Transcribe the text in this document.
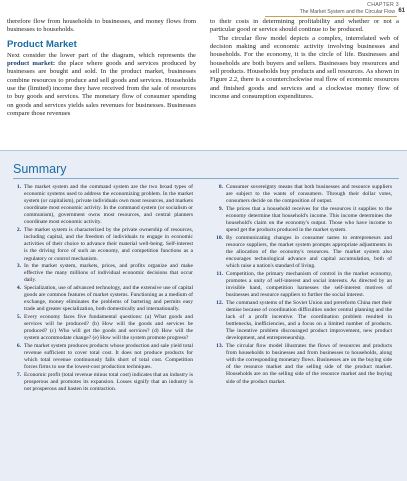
CHAPTER 3
The Market System and the Circular Flow 61

therefore flow from households to businesses, and money flows from businesses to households.

Product Market

Next consider the lower part of the diagram, which represents the product market: the place where goods and services produced by businesses are bought and sold. In the product market, businesses combine resources to produce and sell goods and services. Households use the (limited) income they have received from the sale of resources to buy goods and services. The monetary flow of consumer spending on goods and services yields sales revenues for businesses. Businesses compare those revenues

to their costs in determining profitability and whether or not a particular good or service should continue to be produced.

The circular flow model depicts a complex, interrelated web of decision making and economic activity involving businesses and households. For the economy, it is the circle of life. Businesses and households are both buyers and sellers. Businesses buy resources and sell products. Households buy products and sell resources. As shown in Figure 2.2, there is a counterclockwise real flow of economic resources and finished goods and services and a clockwise money flow of income and consumption expenditures.

Summary
1. The market system and the command system are the two broad types of economic systems used to address the economizing problem. In the market system (or capitalism), private individuals own most resources, and markets coordinate most economic activity. In the command system (or socialism or communism), government owns most resources, and central planners coordinate most economic activity.
2. The market system is characterized by the private ownership of resources, including capital, and the freedom of individuals to engage in economic activities of their choice to advance their material well-being. Self-interest is the driving force of such an economy, and competition functions as a regulatory or control mechanism.
3. In the market system, markets, prices, and profits organize and make effective the many millions of individual economic decisions that occur daily.
4. Specialization, use of advanced technology, and the extensive use of capital goods are common features of market systems. Functioning as a medium of exchange, money eliminates the problems of bartering and permits easy trade and greater specialization, both domestically and internationally.
5. Every economy faces five fundamental questions: (a) What goods and services will be produced? (b) How will the goods and services be produced? (c) Who will get the goods and services? (d) How will the system accommodate change? (e) How will the system promote progress?
6. The market system produces products whose production and sale yield total revenue sufficient to cover total cost. It does not produce products for which total revenue continuously falls short of total cost. Competition forces firms to use the lowest-cost production techniques.
7. Economic profit (total revenue minus total cost) indicates that an industry is prosperous and promotes its expansion. Losses signify that an industry is not prosperous and hasten its contraction.
8. Consumer sovereignty means that both businesses and resource suppliers are subject to the wants of consumers. Through their dollar votes, consumers decide on the composition of output.
9. The prices that a household receives for the resources it supplies to the economy determine that household's income. This income determines the household's claim on the economy's output. Those who have income to spend get the products produced in the market system.
10. By communicating changes in consumer tastes to entrepreneurs and resource suppliers, the market system prompts appropriate adjustments in the allocation of the economy's resources. The market system also encourages technological advance and capital accumulation, both of which raise a nation's standard of living.
11. Competition, the primary mechanism of control in the market economy, promotes a unity of self-interest and social interests. As directed by an invisible hand, competition harnesses the self-interest motives of businesses and resource suppliers to further the social interest.
12. The command systems of the Soviet Union and prereform China met their demise because of coordination difficulties under central planning and the lack of a profit incentive. The coordination problem resulted in bottlenecks, inefficiencies, and a focus on a limited number of products. The incentive problem discouraged product improvement, new product development, and entrepreneurship.
13. The circular flow model illustrates the flows of resources and products from households to businesses and from businesses to households, along with the corresponding monetary flows. Businesses are on the buying side of the resource market and the selling side of the product market. Households are on the selling side of the resource market and the buying side of the product market.
